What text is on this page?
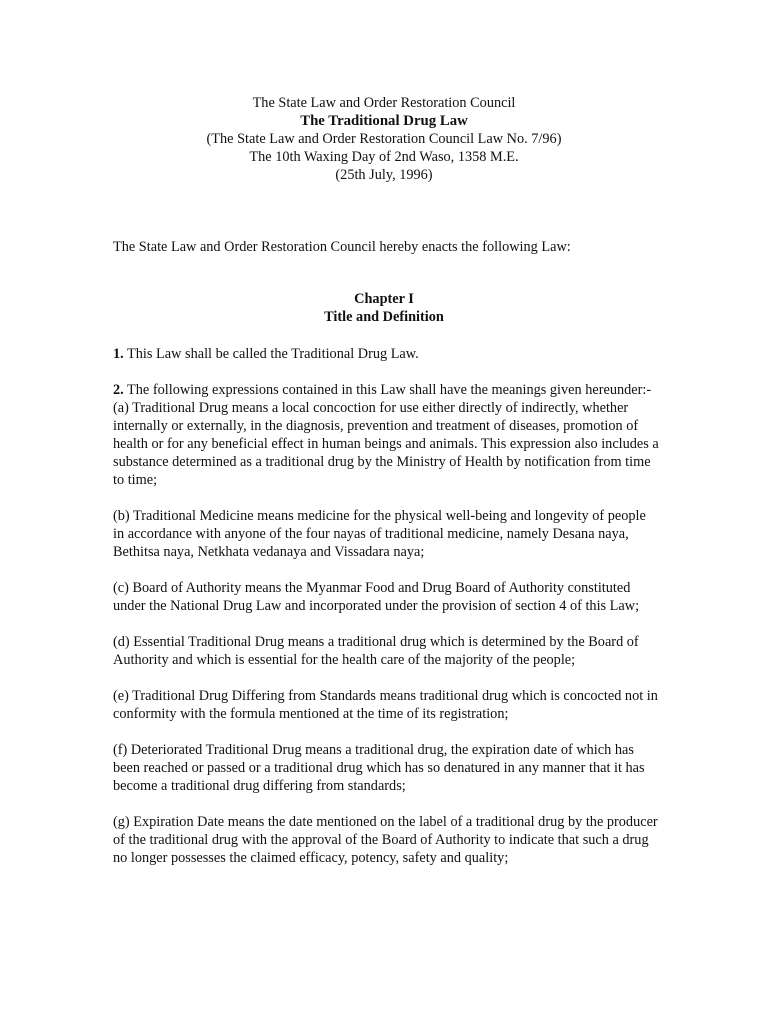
The State Law and Order Restoration Council
The Traditional Drug Law
(The State Law and Order Restoration Council Law No. 7/96)
The 10th Waxing Day of 2nd Waso, 1358 M.E.
(25th July, 1996)
The State Law and Order Restoration Council hereby enacts the following Law:
Chapter I
Title and Definition

1. This Law shall be called the Traditional Drug Law.

2. The following expressions contained in this Law shall have the meanings given hereunder:-

(a) Traditional Drug means a local concoction for use either directly of indirectly, whether internally or externally, in the diagnosis, prevention and treatment of diseases, promotion of health or for any beneficial effect in human beings and animals. This expression also includes a substance determined as a traditional drug by the Ministry of Health by notification from time to time;

(b) Traditional Medicine means medicine for the physical well-being and longevity of people in accordance with anyone of the four nayas of traditional medicine, namely Desana naya, Bethitsa naya, Netkhata vedanaya and Vissadara naya;

(c) Board of Authority means the Myanmar Food and Drug Board of Authority constituted under the National Drug Law and incorporated under the provision of section 4 of this Law;

(d) Essential Traditional Drug means a traditional drug which is determined by the Board of Authority and which is essential for the health care of the majority of the people;

(e) Traditional Drug Differing from Standards means traditional drug which is concocted not in conformity with the formula mentioned at the time of its registration;

(f) Deteriorated Traditional Drug means a traditional drug, the expiration date of which has been reached or passed or a traditional drug which has so denatured in any manner that it has become a traditional drug differing from standards;

(g) Expiration Date means the date mentioned on the label of a traditional drug by the producer of the traditional drug with the approval of the Board of Authority to indicate that such a drug no longer possesses the claimed efficacy, potency, safety and quality;
